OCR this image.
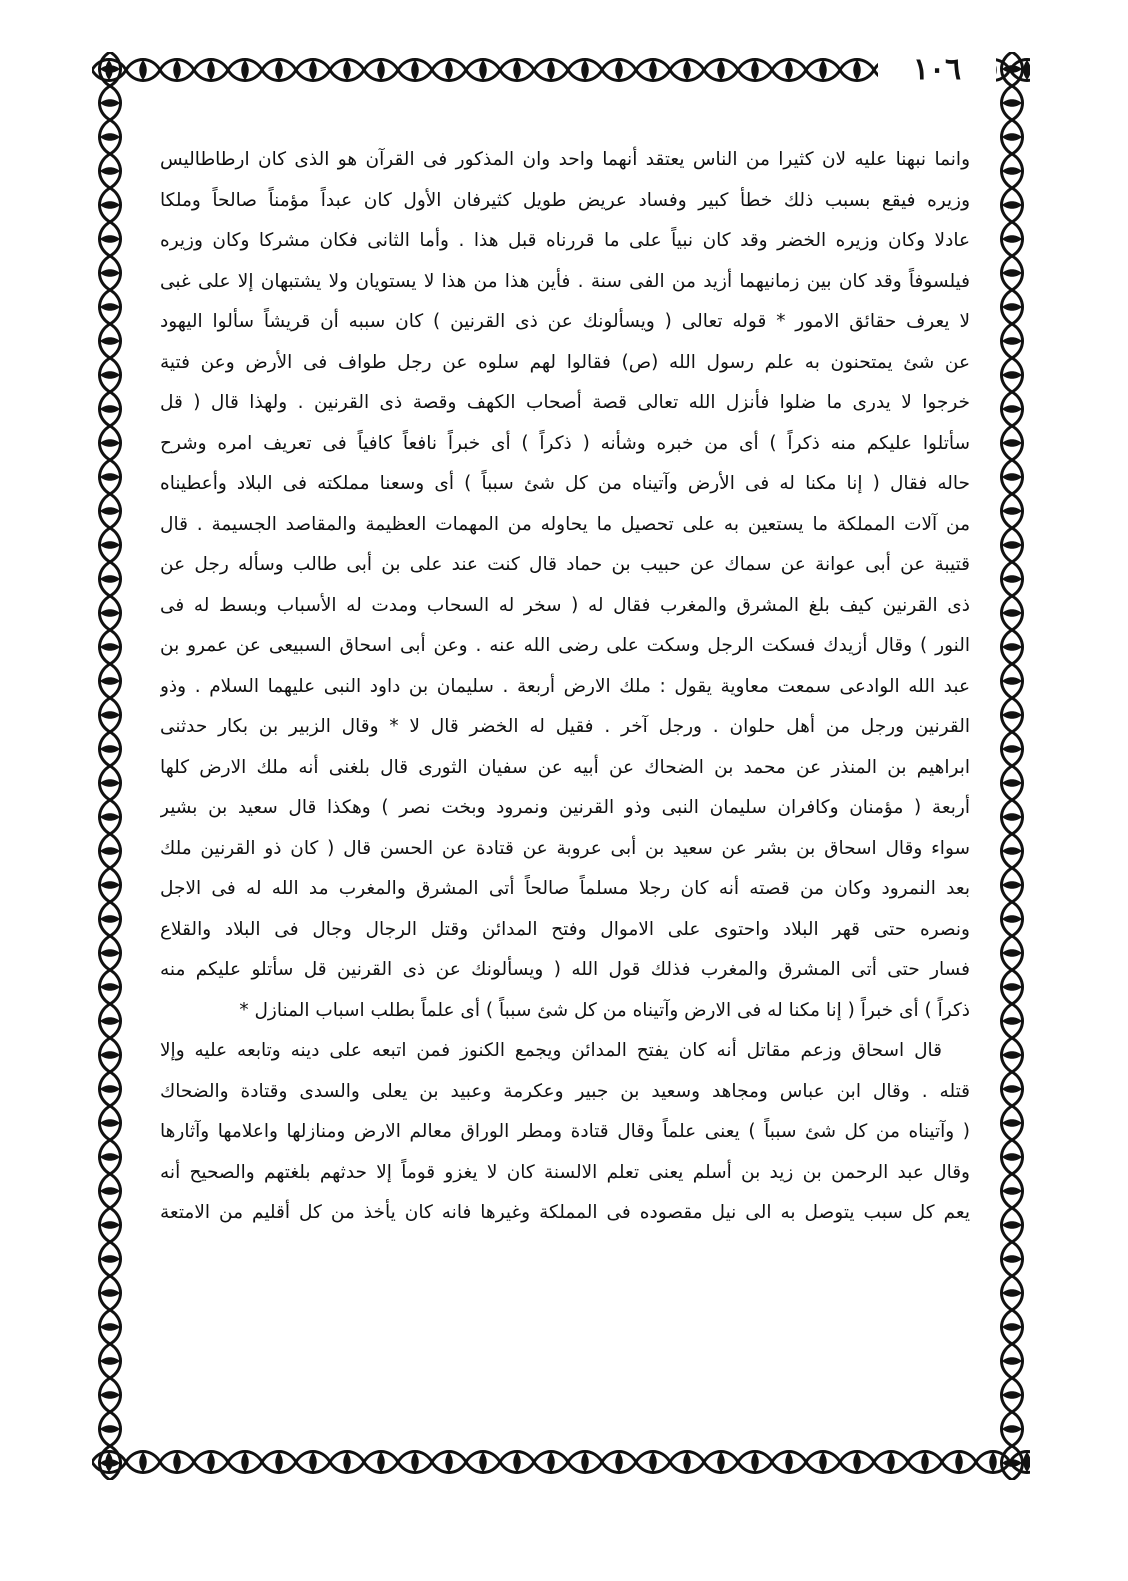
١٠٦
وانما نبهنا عليه لان كثيرا من الناس يعتقد أنهما واحد وان المذكور فى القرآن هو الذى كان ارطاطاليس
وزيره فيقع بسبب ذلك خطأ كبير وفساد عريض طويل كثيرفان الأول كان عبداً مؤمناً صالحاً وملكا
عادلا وكان وزيره الخضر وقد كان نبياً على ما قررناه قبل هذا . وأما الثانى فكان مشركا وكان وزيره
فيلسوفاً وقد كان بين زمانيهما أزيد من الفى سنة . فأين هذا من هذا لا يستويان ولا يشتبهان إلا على غبى
لا يعرف حقائق الامور * قوله تعالى ( ويسألونك عن ذى القرنين ) كان سببه أن قريشاً سألوا اليهود
عن شئ يمتحنون به علم رسول الله (ص) فقالوا لهم سلوه عن رجل طواف فى الأرض وعن فتية
خرجوا لا يدرى ما ضلوا فأنزل الله تعالى قصة أصحاب الكهف وقصة ذى القرنين . ولهذا قال ( قل
سأتلوا عليكم منه ذكراً ) أى من خبره وشأنه ( ذكراً ) أى خبراً نافعاً كافياً فى تعريف امره وشرح
حاله فقال ( إنا مكنا له فى الأرض وآتيناه من كل شئ سبباً ) أى وسعنا مملكته فى البلاد وأعطيناه
من آلات المملكة ما يستعين به على تحصيل ما يحاوله من المهمات العظيمة والمقاصد الجسيمة . قال
قتيبة عن أبى عوانة عن سماك عن حبيب بن حماد قال كنت عند على بن أبى طالب وسأله رجل عن
ذى القرنين كيف بلغ المشرق والمغرب فقال له ( سخر له السحاب ومدت له الأسباب وبسط له فى
النور ) وقال أزيدك فسكت الرجل وسكت على رضى الله عنه . وعن أبى اسحاق السبيعى عن عمرو بن
عبد الله الوادعى سمعت معاوية يقول : ملك الارض أربعة . سليمان بن داود النبى عليهما السلام . وذو
القرنين ورجل من أهل حلوان . ورجل آخر . فقيل له الخضر قال لا * وقال الزبير بن بكار حدثنى
ابراهيم بن المنذر عن محمد بن الضحاك عن أبيه عن سفيان الثورى قال بلغنى أنه ملك الارض كلها
أربعة ( مؤمنان وكافران سليمان النبى وذو القرنين ونمرود وبخت نصر ) وهكذا قال سعيد بن بشير
سواء وقال اسحاق بن بشر عن سعيد بن أبى عروبة عن قتادة عن الحسن قال ( كان ذو القرنين ملك
بعد النمرود وكان من قصته أنه كان رجلا مسلماً صالحاً أتى المشرق والمغرب مد الله له فى الاجل
ونصره حتى قهر البلاد واحتوى على الاموال وفتح المدائن وقتل الرجال وجال فى البلاد والقلاع
فسار حتى أتى المشرق والمغرب فذلك قول الله ( ويسألونك عن ذى القرنين قل سأتلو عليكم منه
ذكراً ) أى خبراً ( إنا مكنا له فى الارض وآتيناه من كل شئ سبباً ) أى علماً بطلب اسباب المنازل *
قال اسحاق وزعم مقاتل أنه كان يفتح المدائن ويجمع الكنوز فمن اتبعه على دينه وتابعه عليه وإلا
قتله . وقال ابن عباس ومجاهد وسعيد بن جبير وعكرمة وعبيد بن يعلى والسدى وقتادة والضحاك
( وآتيناه من كل شئ سبباً ) يعنى علماً وقال قتادة ومطر الوراق معالم الارض ومنازلها واعلامها وآثارها
وقال عبد الرحمن بن زيد بن أسلم يعنى تعلم الالسنة كان لا يغزو قوماً إلا حدثهم بلغتهم والصحيح أنه
يعم كل سبب يتوصل به الى نيل مقصوده فى المملكة وغيرها فانه كان يأخذ من كل أقليم من الامتعة
